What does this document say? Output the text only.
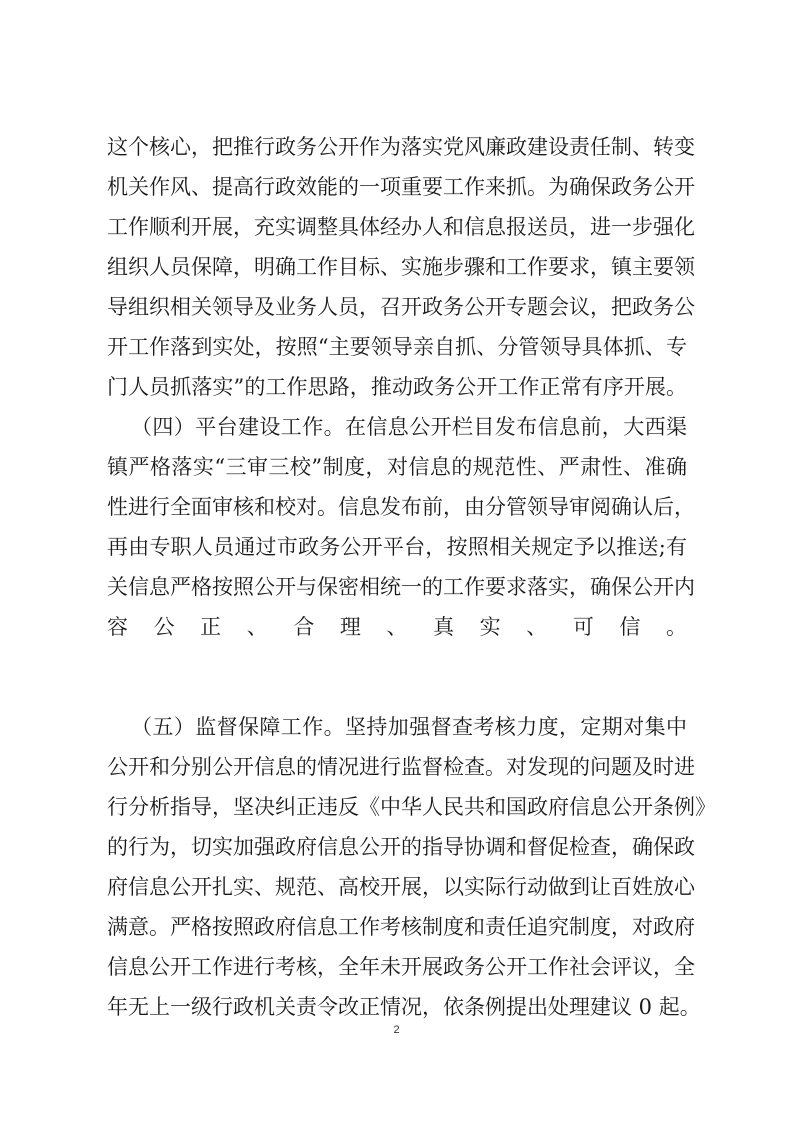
这个核心，把推行政务公开作为落实党风廉政建设责任制、转变
机关作风、提高行政效能的一项重要工作来抓。为确保政务公开
工作顺利开展，充实调整具体经办人和信息报送员，进一步强化
组织人员保障，明确工作目标、实施步骤和工作要求，镇主要领
导组织相关领导及业务人员，召开政务公开专题会议，把政务公
开工作落到实处，按照“主要领导亲自抓、分管领导具体抓、专
门人员抓落实”的工作思路，推动政务公开工作正常有序开展。
（四）平台建设工作。在信息公开栏目发布信息前，大西渠
镇严格落实“三审三校”制度，对信息的规范性、严肃性、准确
性进行全面审核和校对。信息发布前，由分管领导审阅确认后，
再由专职人员通过市政务公开平台，按照相关规定予以推送;有
关信息严格按照公开与保密相统一的工作要求落实，确保公开内
容公正、合理、真实、可信。
（五）监督保障工作。坚持加强督查考核力度，定期对集中
公开和分别公开信息的情况进行监督检查。对发现的问题及时进
行分析指导，坚决纠正违反《中华人民共和国政府信息公开条例》
的行为，切实加强政府信息公开的指导协调和督促检查，确保政
府信息公开扎实、规范、高校开展，以实际行动做到让百姓放心
满意。严格按照政府信息工作考核制度和责任追究制度，对政府
信息公开工作进行考核，全年未开展政务公开工作社会评议，全
年无上一级行政机关责令改正情况，依条例提出处理建议 0 起。
2
